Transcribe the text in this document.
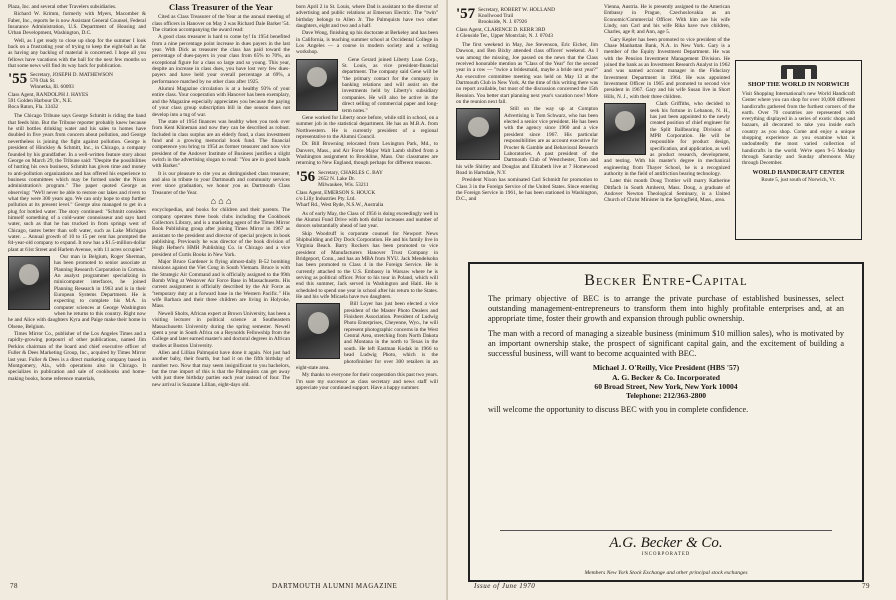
Plaza, Inc. and several other Travelers subsidiaries.

Richard W. Krimm, formerly with Myers, Macomber & Faber, Inc., reports he is now Assistant General Counsel, Federal Insurance Administration, U.S. Department of Housing and Urban Development, Washington, D.C.

Well, as I get ready to close up shop for the summer I look back on a frustrating year of trying to keep the eight-ball as far as having any backlog of material is concerned. I hope all you fellows have vacations with the ball for the next few months so that some news will find its way back for publication.

'55 Secretary, JOSEPH D. MATHEWSON
576 Oak St.
Winnetka, Ill. 60093
Class Agent, RANDOLPH J. HAYES
591 Golden Harbour Dr., N.E.
Boca Raton, Fla. 33432

The Chicago Tribune says George Schmitt is riding the band that feeds him. But the Tribune reporter probably knew because he still bottles drinking water and his sales to homes have doubled in five years from concern about pollution, and George nevertheless is joining the fight against pollution. George is president of Hinckley & Schmitt, Inc., in Chicago, a company founded by his grandfather. In a well-written feature story about George on March 29, the Tribune said: "Despite the possibilities of hurting his own business, Schmitt has given time and money to anti-pollution organizations and has offered his experience to business committees which may be formed under the Nixon administration's program." The paper quoted George as observing: "We'll never be able to restore our lakes and rivers to what they were 300 years ago. We can only hope to stop further pollution at its present level." George also managed to get in a plug for bottled water. The story continued: "Schmitt considers himself something of a cold-water connoisseur and says hard water, such as that he has trucked in from springs west of Chicago, tastes better than soft water, such as Lake Michigan water. ... Annual growth of 10 to 15 per cent has prompted the 84-year-old company to expand. It now has a $1.5-million-dollar plant at 61st Street and Harlem Avenue, with 11 acres occupied."

Our man in Belgium, Roger Sherman, has been promoted to senior associate at Planning Research Corporation in Cortona. An analyst programmer specializing in minicomputer interfaces, he joined Planning Research in 1963 and is in their European Systems Department. He is expecting to complete his M.A. in computer sciences at George Washington when he returns to this country. Right now he and Alice with daughters Kyra and Paige make their home in Olsene, Belgium.

Times Mirror Co., publisher of the Los Angeles Times and a rapidly-growing potpourri of other publications, named Jim Perkins chairman of the board and chief executive officer of Fuller & Dees Marketing Group, Inc., acquired by Times Mirror last year. Fuller & Dees is a direct marketing company based in Montgomery, Ala., with operations also in Chicago. It specializes in publication and sale of cookbooks and home-making books, home reference materials,

Class Treasurer of the Year

Cited as Class Treasurer of the Year at the annual meeting of class officers in Hanover on May 2 was Richard Dale Barker '54. The citation accompanying the award read:

A good class treasurer is hard to come by! In 1954 benefited from a nine percentage point increase in dues payers in the last year. With Dick as treasurer the class has paid toward the percentage of dues-payers in your class from 65% to 70%, an exceptional figure for a class so large and so young. This year, despite an increase in class dues, you have lost very few dues-payers and have held your overall percentage at 69%, a performance matched by no other class after 1925.

Alumni Magazine circulation is at a healthy 93% of your entire class. Your cooperation with Hanover has been exemplary, and the Magazine especially appreciates you because the paying of your class group subscription bill in due season does not develop into a tug of war.

The state of 1954 finances was healthy when you took over from Kent Klineman and now they can be described as robust. Included in class surplus are an elderly fund, a class investment fund and a growing memorial book fund. The financial competence you bring to 1954 as former treasurer and now vice president of the Andover Institute of Business justifies a slight switch in the advertising slogan to read: "You are in good hands with Barker."

It is our pleasure to cite you as distinguished class treasurer, and also in tribute to your Dartmouth and community services ever since graduation, we honor you as Dartmouth Class Treasurer of the Year.

⌂ ⌂ ⌂

encyclopedias, and books for children and their parents. The company operates three book clubs including the Cookbook Collectors Library, and is a marketing agent of the Times Mirror Book Publishing group after joining Times Mirror in 1967 as assistant to the president and director of special projects in book publishing. Previously he was director of the book division of Hugh Hefner's HMH Publishing Co. in Chicago and a vice president of Curtis Books in New York.

Major Bruce Gardener is flying almost-daily B-52 bombing missions against the Viet Cong in South Vietnam. Bruce is with the Strategic Air Command and is officially assigned to the 99th Bomb Wing at Westover Air Force Base in Massachusetts. His current assignment is officially described by the Air Force as "temporary duty at a forward base in the Western Pacific." His wife Barbara and their three children are living in Holyoke, Mass.

Newell Sholts, African expert at Brown University, has been a visiting lecturer in political science at Southeastern Massachusetts University during the spring semester. Newell spent a year in South Africa on a Reynolds Fellowship from the College and later earned master's and doctoral degrees in African studies at Boston University.

Allen and Lillian Palmquist have done it again. Not just had another baby, their fourth, but had it on the fifth birthday of number two. Now that may seem insignificant to you bachelors, but the true import of this is that the Palmquists can get away with just three birthday parties each year instead of four. The new arrival is Suzanne Lillian, eight-days old.

born April 2 in St. Louis, where Dad is assistant to the director of advertising and public relations at Emerson Electric. The "twin" birthday belongs to Allen Jr. The Palmquists have two other daughters, eight and two and a half.

Dave Wong, finishing up his doctorate at Berkeley and has been in California, is teaching summer school at Occidental College in Los Angeles — a course in modern society and a writing workshop.

Gene Gerard joined Liberty Loan Corp., St. Louis, as vice president-financial department. The company said Gene will be "the primary contact for the company in banking relations and will assist on the investments held by Liberty's subsidiary companies. He will also be active in the direct selling of commercial paper and long-term notes."

Gene worked for Liberty once before, while still in school, on a summer job in the statistical department. He has an M.B.A. from Northwestern. He is currently president of a regional representative to the Alumni Council.

Dr. Bill Browning relocated from Lexington Park, Md., to Danvers, Mass., and Air Force Major Walt Lamb shifted from a Washington assignment to Brookline, Mass. Our classmates are returning to New England, though perhaps for different reasons.

'56 Secretary, CHARLES C. BAY
2652 N. Lake Dr.
Milwaukee, Wis. 53211
Class Agent, EMERSON S. HOUCK
c/o Lilly Industries Pty. Ltd.
Wharf Rd., West Ryde, N.S.W., Australia

As of early May, the Class of 1956 is doing exceedingly well in the Alumni Fund Drive with both dollar increases and number of donors substantially ahead of last year.

Skip Woodruff is corporate counsel for Newport News Shipbuilding and Dry Dock Corporation. He and his family live in Virginia Beach. Barry Rockers has been promoted to vice president of Manufacturers Hanover Trust Company in Bridgeport, Conn., and has an MBA from NYU. Jack Mendelsohn has been promoted to Class 4 in the Foreign Service. He is currently attached to the U.S. Embassy in Warsaw where he is serving as political officer. Prior to his tour in Poland, which will end this summer, Jack served in Washington and Haiti. He is scheduled to spend one year in school after his return to the States. He and his wife Micaela have two daughters.

Bill Loyer has just been elected a vice president of the Master Photo Dealers and Finishers Association. President of Ludwig Photo Enterprises, Cheyenne, Wyo., he will represent photographic concerns in the West Central Area, stretching from North Dakota and Montana in the north to Texas in the south. He left Eastman Kodak in 1966 to head Ludwig Photo, which is the photofinisher for over 300 retailers in an eight-state area.

My thanks to everyone for their cooperation this past two years. I'm sure my successor as class secretary and news staff will appreciate your continued support. Have a happy summer.

78	DARTMOUTH ALUMNI MAGAZINE
'57 Secretary, ROBERT W. HOLLAND
Knollwood Trail
Brookside, N. J. 07926
Class Agent, CLARENCE D. KERR 3RD
4 Glenside Ter., Upper Montclair, N. J. 07043

The first weekend in May, Joe Stevenson, Eric Eicher, Jim Dawson, and Ben Bixby attended class officers' weekend. As I was among the missing, Joe passed on the news that the Class received honorable mention as "Class of the Year" for the second year in a row — "twice a bridesmaid, maybe a bride next year?" An executive committee meeting was held on May 13 at the Dartmouth Club in New York. At the time of this writing there was no report available, but most of the discussion concerned the 15th Reunion. You better start planning next year's vacation now! More on the reunion next fall.

Still on the way up at Compton Advertising is Tom Schwarz, who has been elected a senior vice president. He has been with the agency since 1960 and a vice president since 1967. His particular responsibilities are as account executive for Procter & Gamble and Behavioral Research Laboratories. A past president of the Dartmouth Club of Westchester, Tom and his wife Shirley and Douglas and Elizabeth live at 7 Homewood Road in Hartsdale, N.Y.

President Nixon has nominated Carl Schmidt for promotion to Class 3 in the Foreign Service of the United States. Since entering the Foreign Service in 1961, he has been stationed in Washington, D.C., and

Vienna, Austria. He is presently assigned to the American Embassy in Prague, Czechoslovakia as an Economic/Commercial Officer. With him are his wife Lindy, son Carl and his wife Rika have two children, Charles, age 8; and Ann, age 5.

Gary Kepler has been promoted to vice president of the Chase Manhattan Bank, N.A. in New York. Gary is a member of the Equity Investment Department. He was with the Pension Investment Management Division. He joined the bank as an Investment Research Analyst in 1962 and was named account manager in the Fiduciary Investment Department in 1964. He was appointed Investment Officer in 1965 and promoted to second vice president in 1967. Gary and his wife Susan live in Short Hills, N. J., with their three children.

Clark Griffiths, who decided to seek his fortune in Lebanon, N. H., has just been appointed to the newly created position of chief engineer for the Split Ballbearing Division of MPB Corporation. He will be responsible for product design, specification, and application, as well as product research, development, and testing. With his master's degree in mechanical engineering from Thayer School, he is a recognized authority in the field of antifriction bearing technology.

Later this month Doug Trottier will marry Katherine Dittfach in South Amherst, Mass. Doug, a graduate of Andover Newton Theological Seminary, is a United Church of Christ Minister in the Springfield, Mass., area.

SHOP THE WORLD IN NORWICH
Visit Shopping International's new World Handicraft Center where you can shop for over 10,000 different handicrafts gathered from the furthest corners of the earth. Over 70 countries are represented with everything displayed in a series of exotic shops and bazaars, all decorated to take you inside each country as you shop. Come and enjoy a unique shopping experience as you examine what is undoubtedly the most varied collection of handicrafts in the world. We're open 9-5 Monday through Saturday and Sunday afternoons May through December.
WORLD HANDICRAFT CENTER
Route 5, just south of Norwich, Vt.
Becker Entre-Capital
The primary objective of BEC is to arrange the private purchase of established businesses, select outstanding management-entrepreneurs to transform them into highly profitable enterprises and, at an appropriate time, foster their growth and expansion through public ownership.
The man with a record of managing a sizeable business (minimum $10 million sales), who is motivated by an important ownership stake, the prospect of significant capital gain, and the excitement of building a successful business, will want to become acquainted with BEC.
Michael J. O'Reilly, Vice President (HBS '57)
A. G. Becker & Co. Incorporated
60 Broad Street, New York, New York 10004
Telephone: 212/363-2800
will welcome the opportunity to discuss BEC with you in complete confidence.
A.G. Becker & Co.
INCORPORATED
Members New York Stock Exchange and other principal stock exchanges
Issue of June 1970	79
